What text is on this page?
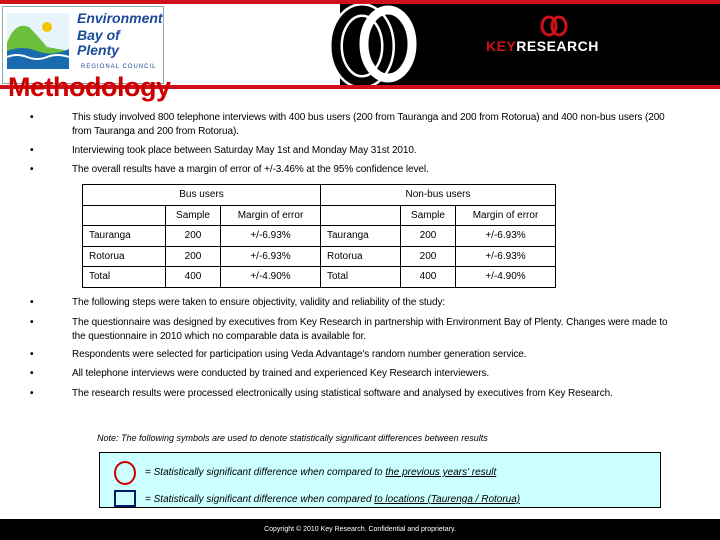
Environment
Bay of Plenty
REGIONAL COUNCIL
KEYRESEARCH
Methodology
•	This study involved 800 telephone interviews with 400 bus users (200 from Tauranga and 200 from Rotorua) and 400 non-bus users (200 from Tauranga and 200 from Rotorua).
•	Interviewing took place between Saturday May 1st and Monday May 31st 2010.
•	The overall results have a margin of error of +/-3.46% at the 95% confidence level.
Bus users			Non-bus users		
	Sample	Margin of error		Sample	Margin of error
Tauranga	200	+/-6.93%	Tauranga	200	+/-6.93%
Rotorua	200	+/-6.93%	Rotorua	200	+/-6.93%
Total	400	+/-4.90%	Total	400	+/-4.90%
•	The following steps were taken to ensure objectivity, validity and reliability of the study:
•	The questionnaire was designed by executives from Key Research in partnership with Environment Bay of Plenty. Changes were made to the questionnaire in 2010 which no comparable data is available for.
•	Respondents were selected for participation using Veda Advantage's random number generation service.
•	All telephone interviews were conducted by trained and experienced Key Research interviewers.
•	The research results were processed electronically using statistical software and analysed by executives from Key Research.
Note: The following symbols are used to denote statistically significant differences between results
= Statistically significant difference when compared to the previous years' result
= Statistically significant difference when compared to locations (Taurenga / Rotorua)
Copyright © 2010 Key Research. Confidential and proprietary.
